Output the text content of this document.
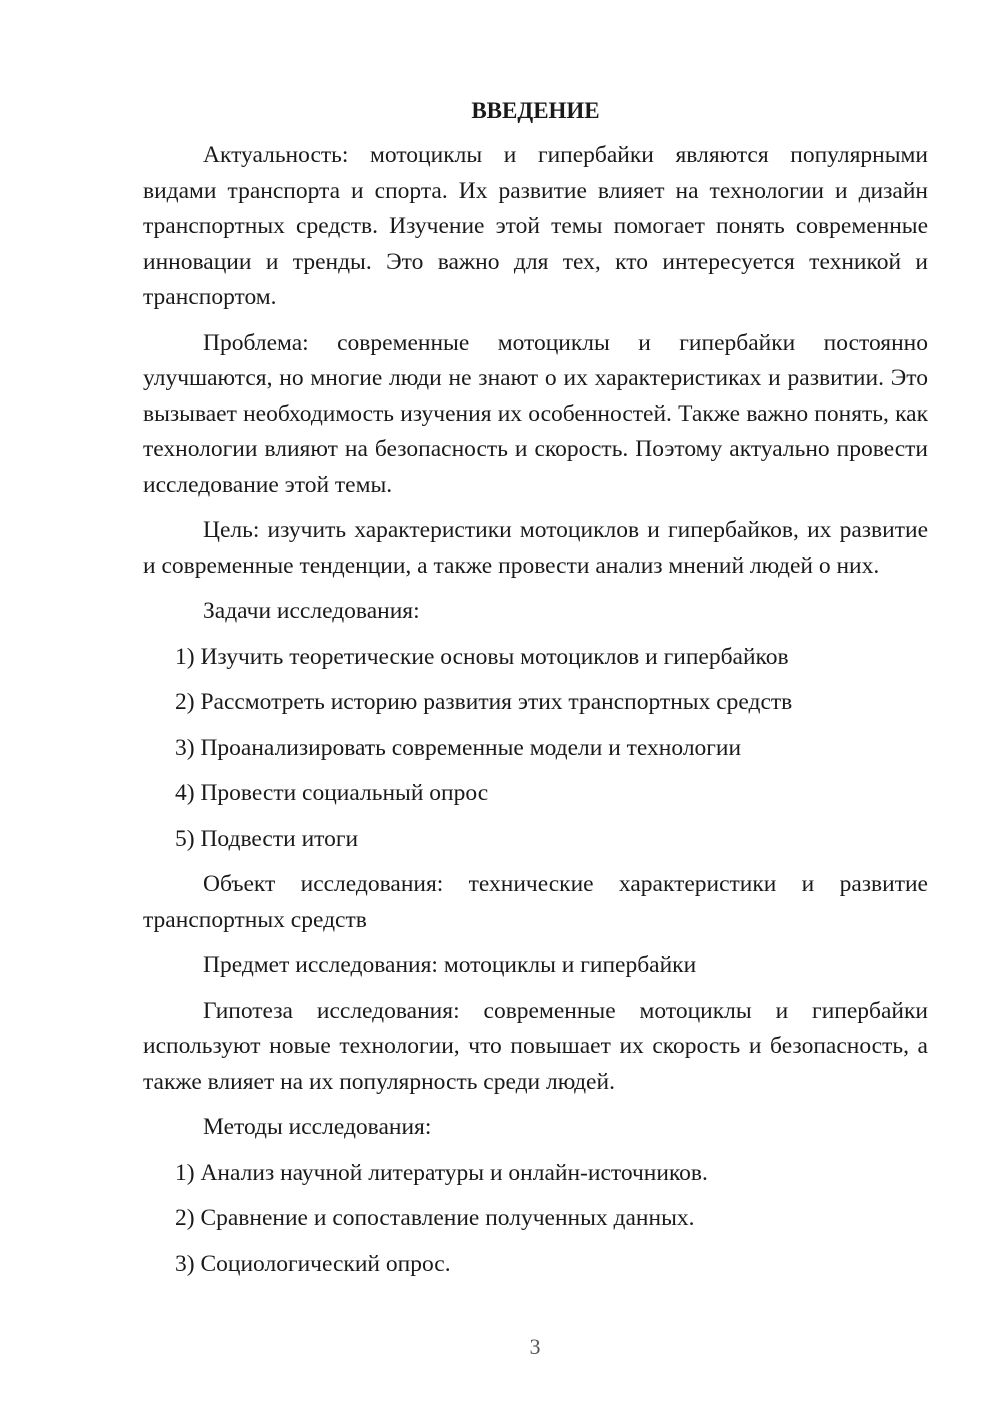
ВВЕДЕНИЕ

Актуальность: мотоциклы и гипербайки являются популярными видами транспорта и спорта. Их развитие влияет на технологии и дизайн транспортных средств. Изучение этой темы помогает понять современные инновации и тренды. Это важно для тех, кто интересуется техникой и транспортом.

Проблема: современные мотоциклы и гипербайки постоянно улучшаются, но многие люди не знают о их характеристиках и развитии. Это вызывает необходимость изучения их особенностей. Также важно понять, как технологии влияют на безопасность и скорость. Поэтому актуально провести исследование этой темы.

Цель: изучить характеристики мотоциклов и гипербайков, их развитие и современные тенденции, а также провести анализ мнений людей о них.

Задачи исследования:

1) Изучить теоретические основы мотоциклов и гипербайков
2) Рассмотреть историю развития этих транспортных средств
3) Проанализировать современные модели и технологии
4) Провести социальный опрос
5) Подвести итоги

Объект исследования: технические характеристики и развитие транспортных средств

Предмет исследования: мотоциклы и гипербайки

Гипотеза исследования: современные мотоциклы и гипербайки используют новые технологии, что повышает их скорость и безопасность, а также влияет на их популярность среди людей.

Методы исследования:

1) Анализ научной литературы и онлайн-источников.
2) Сравнение и сопоставление полученных данных.
3) Социологический опрос.
3
